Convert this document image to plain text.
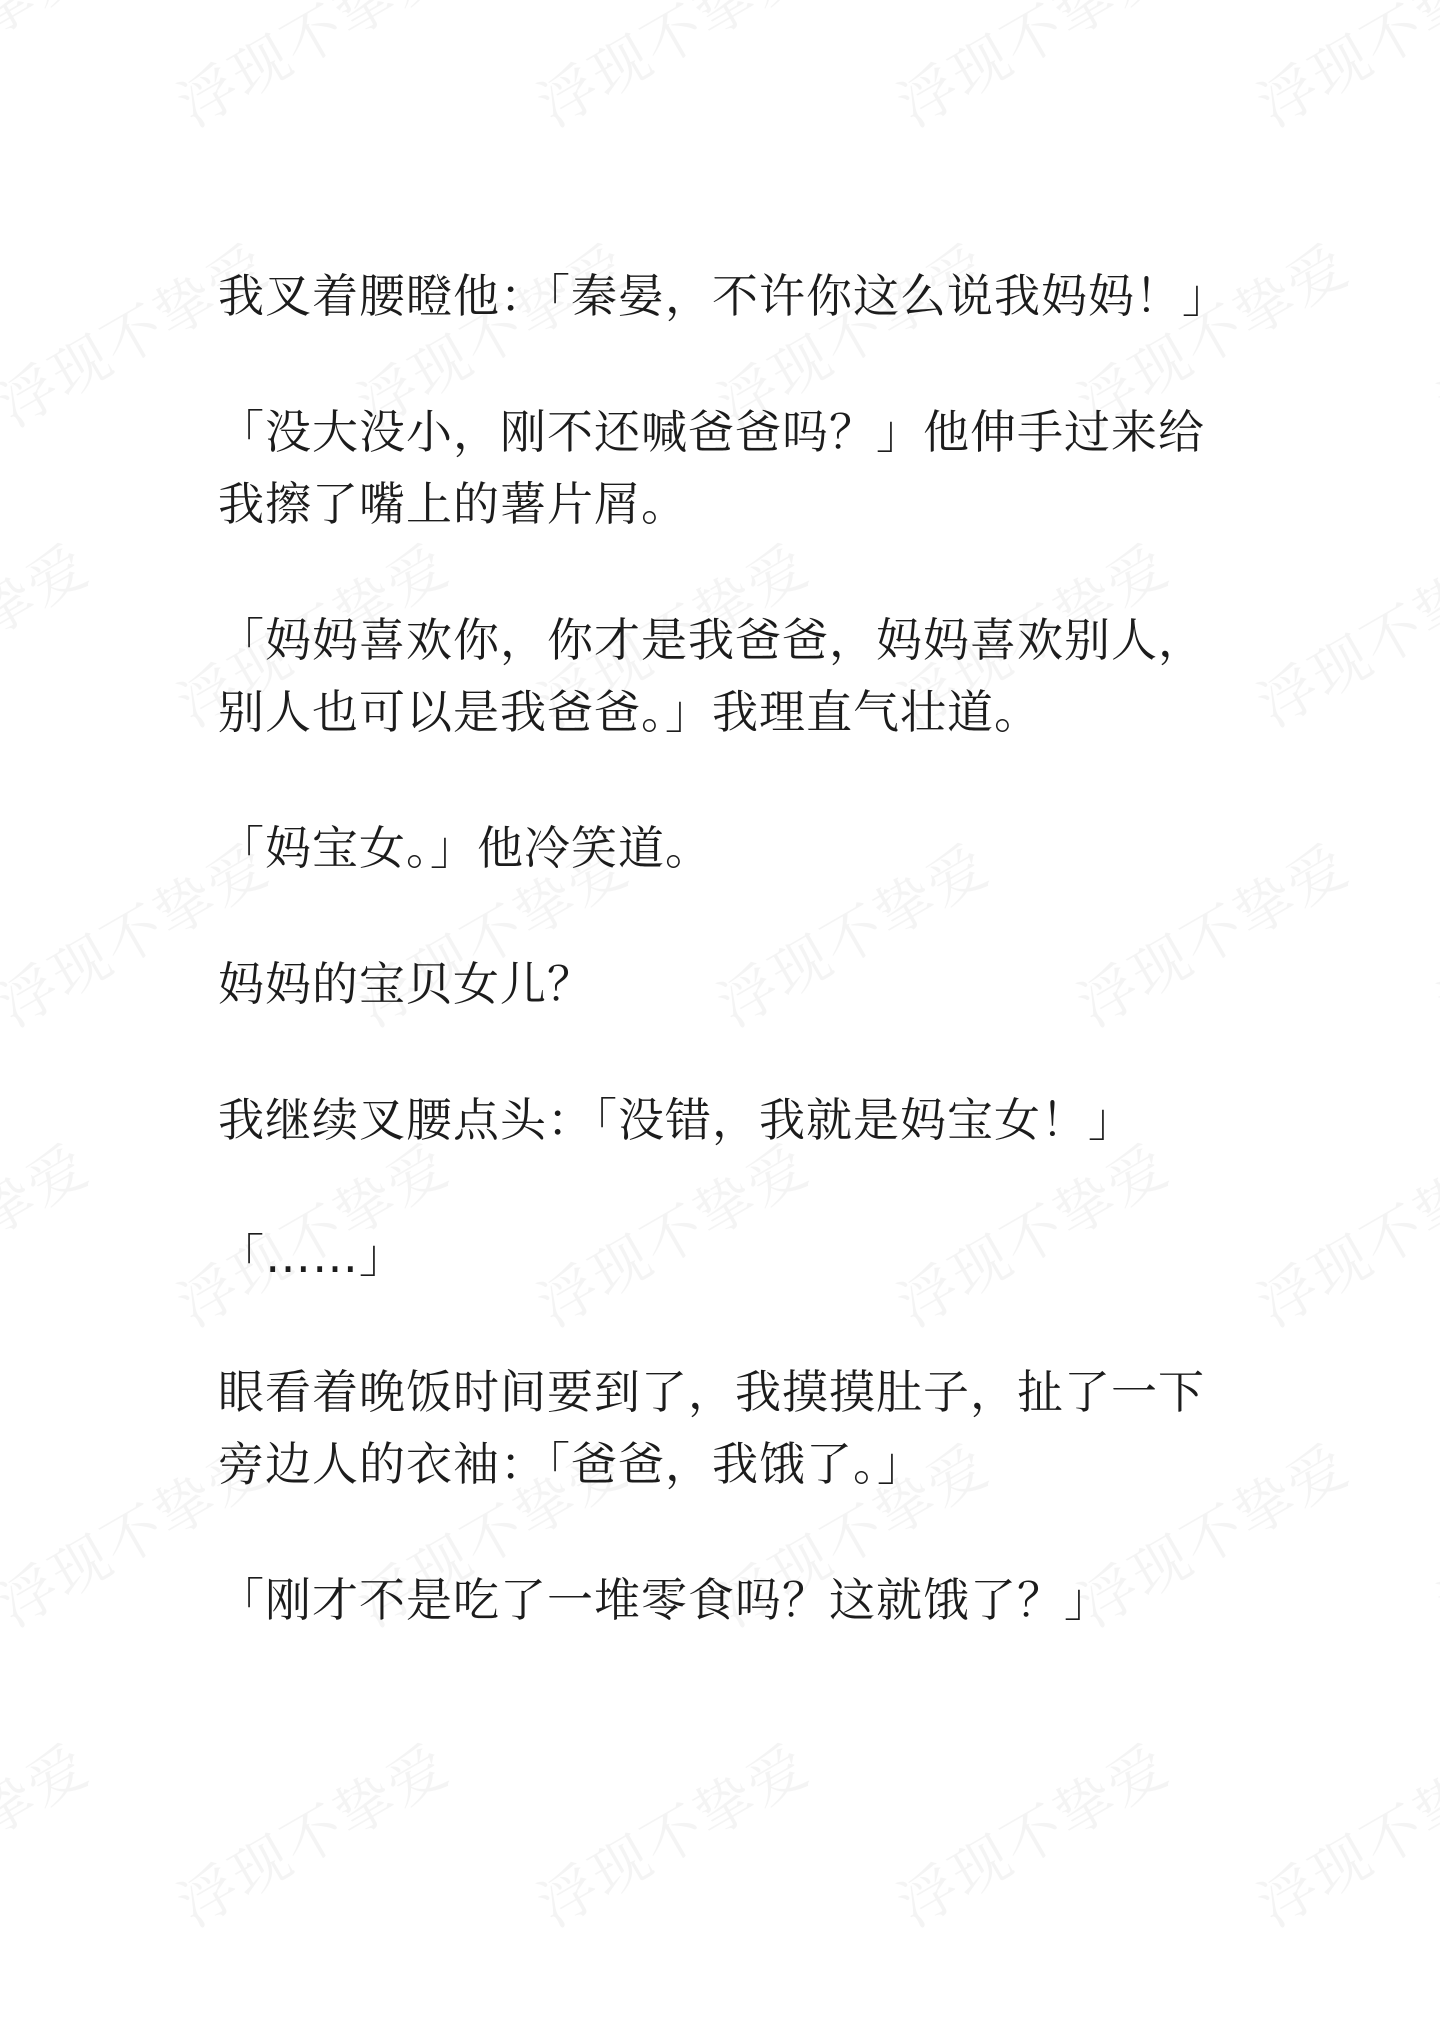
我叉着腰瞪他：「秦晏，不许你这么说我妈妈！」

「没大没小，刚不还喊爸爸吗？」他伸手过来给我擦了嘴上的薯片屑。

「妈妈喜欢你，你才是我爸爸，妈妈喜欢别人，别人也可以是我爸爸。」我理直气壮道。

「妈宝女。」他冷笑道。

妈妈的宝贝女儿？

我继续叉腰点头：「没错，我就是妈宝女！」

「……」

眼看着晚饭时间要到了，我摸摸肚子，扯了一下旁边人的衣袖：「爸爸，我饿了。」

「刚才不是吃了一堆零食吗？这就饿了？」
